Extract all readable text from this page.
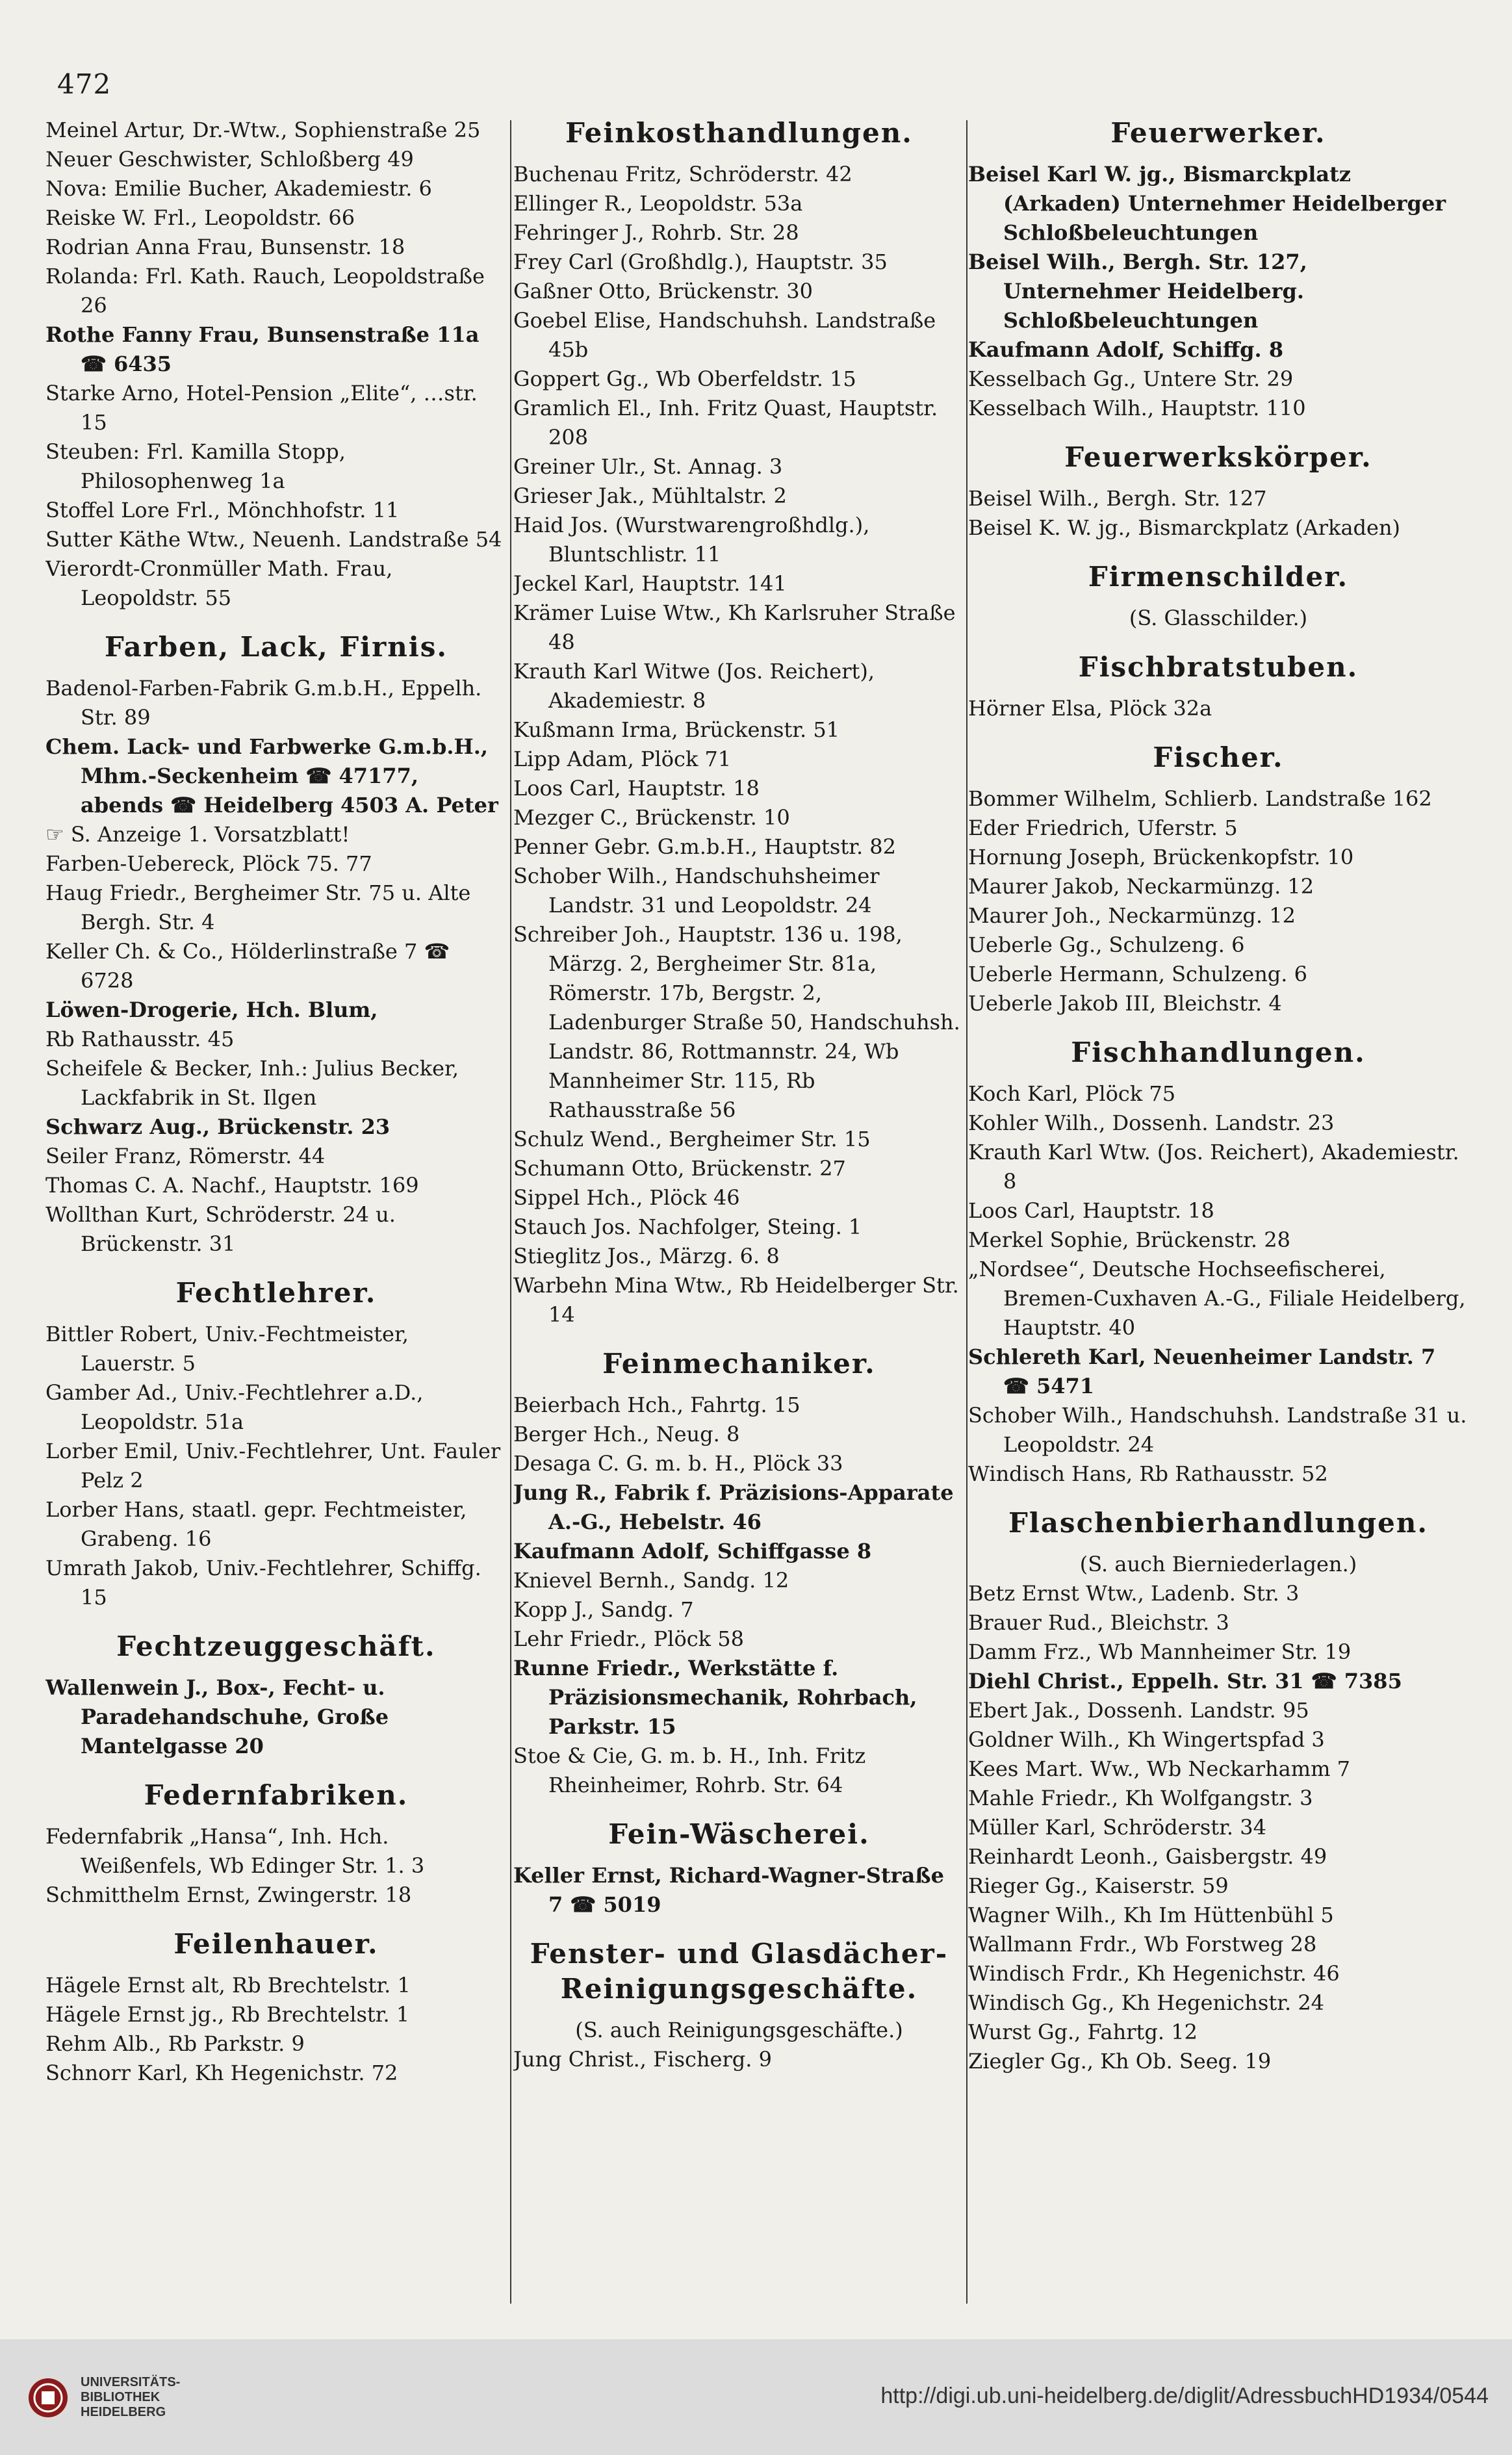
472

Meinel Artur, Dr.-Wtw., Sophienstraße 25

Neuer Geschwister, Schloßberg 49

Nova: Emilie Bucher, Akademiestr. 6

Reiske W. Frl., Leopoldstr. 66

Rodrian Anna Frau, Bunsenstr. 18

Rolanda: Frl. Kath. Rauch, Leopoldstraße 26

Rothe Fanny Frau, Bunsenstraße 11a ☎ 6435

Starke Arno, Hotel-Pension „Elite“, …str. 15

Steuben: Frl. Kamilla Stopp, Philosophenweg 1a

Stoffel Lore Frl., Mönchhofstr. 11

Sutter Käthe Wtw., Neuenh. Landstraße 54

Vierordt-Cronmüller Math. Frau, Leopoldstr. 55

Farben, Lack, Firnis.

Badenol-Farben-Fabrik G.m.b.H., Eppelh. Str. 89

Chem. Lack- und Farbwerke G.m.b.H., Mhm.-Seckenheim ☎ 47177, abends ☎ Heidelberg 4503 A. Peter

☞ S. Anzeige 1. Vorsatzblatt!

Farben-Uebereck, Plöck 75. 77

Haug Friedr., Bergheimer Str. 75 u. Alte Bergh. Str. 4

Keller Ch. & Co., Hölderlinstraße 7 ☎ 6728

Löwen-Drogerie, Hch. Blum,

Rb Rathausstr. 45

Scheifele & Becker, Inh.: Julius Becker, Lackfabrik in St. Ilgen

Schwarz Aug., Brückenstr. 23

Seiler Franz, Römerstr. 44

Thomas C. A. Nachf., Hauptstr. 169

Wollthan Kurt, Schröderstr. 24 u. Brückenstr. 31

Fechtlehrer.

Bittler Robert, Univ.-Fechtmeister, Lauerstr. 5

Gamber Ad., Univ.-Fechtlehrer a.D., Leopoldstr. 51a

Lorber Emil, Univ.-Fechtlehrer, Unt. Fauler Pelz 2

Lorber Hans, staatl. gepr. Fechtmeister, Grabeng. 16

Umrath Jakob, Univ.-Fechtlehrer, Schiffg. 15

Fechtzeuggeschäft.

Wallenwein J., Box-, Fecht- u. Paradehandschuhe, Große Mantelgasse 20

Federnfabriken.

Federnfabrik „Hansa“, Inh. Hch. Weißenfels, Wb Edinger Str. 1. 3

Schmitthelm Ernst, Zwingerstr. 18

Feilenhauer.

Hägele Ernst alt, Rb Brechtelstr. 1

Hägele Ernst jg., Rb Brechtelstr. 1

Rehm Alb., Rb Parkstr. 9

Schnorr Karl, Kh Hegenichstr. 72

Feinkosthandlungen.

Buchenau Fritz, Schröderstr. 42

Ellinger R., Leopoldstr. 53a

Fehringer J., Rohrb. Str. 28

Frey Carl (Großhdlg.), Hauptstr. 35

Gaßner Otto, Brückenstr. 30

Goebel Elise, Handschuhsh. Landstraße 45b

Goppert Gg., Wb Oberfeldstr. 15

Gramlich El., Inh. Fritz Quast, Hauptstr. 208

Greiner Ulr., St. Annag. 3

Grieser Jak., Mühltalstr. 2

Haid Jos. (Wurstwarengroßhdlg.), Bluntschlistr. 11

Jeckel Karl, Hauptstr. 141

Krämer Luise Wtw., Kh Karlsruher Straße 48

Krauth Karl Witwe (Jos. Reichert), Akademiestr. 8

Kußmann Irma, Brückenstr. 51

Lipp Adam, Plöck 71

Loos Carl, Hauptstr. 18

Mezger C., Brückenstr. 10

Penner Gebr. G.m.b.H., Hauptstr. 82

Schober Wilh., Handschuhsheimer Landstr. 31 und Leopoldstr. 24

Schreiber Joh., Hauptstr. 136 u. 198, Märzg. 2, Bergheimer Str. 81a, Römerstr. 17b, Bergstr. 2, Ladenburger Straße 50, Handschuhsh. Landstr. 86, Rottmannstr. 24, Wb Mannheimer Str. 115, Rb Rathausstraße 56

Schulz Wend., Bergheimer Str. 15

Schumann Otto, Brückenstr. 27

Sippel Hch., Plöck 46

Stauch Jos. Nachfolger, Steing. 1

Stieglitz Jos., Märzg. 6. 8

Warbehn Mina Wtw., Rb Heidelberger Str. 14

Feinmechaniker.

Beierbach Hch., Fahrtg. 15

Berger Hch., Neug. 8

Desaga C. G. m. b. H., Plöck 33

Jung R., Fabrik f. Präzisions-Apparate A.-G., Hebelstr. 46

Kaufmann Adolf, Schiffgasse 8

Knievel Bernh., Sandg. 12

Kopp J., Sandg. 7

Lehr Friedr., Plöck 58

Runne Friedr., Werkstätte f. Präzisionsmechanik, Rohrbach, Parkstr. 15

Stoe & Cie, G. m. b. H., Inh. Fritz Rheinheimer, Rohrb. Str. 64

Fein-Wäscherei.

Keller Ernst, Richard-Wagner-Straße 7 ☎ 5019

Fenster- und Glasdächer-Reinigungsgeschäfte.
(S. auch Reinigungsgeschäfte.)

Jung Christ., Fischerg. 9

Feuerwerker.

Beisel Karl W. jg., Bismarckplatz (Arkaden) Unternehmer Heidelberger Schloßbeleuchtungen

Beisel Wilh., Bergh. Str. 127, Unternehmer Heidelberg. Schloßbeleuchtungen

Kaufmann Adolf, Schiffg. 8

Kesselbach Gg., Untere Str. 29

Kesselbach Wilh., Hauptstr. 110

Feuerwerkskörper.

Beisel Wilh., Bergh. Str. 127

Beisel K. W. jg., Bismarckplatz (Arkaden)

Firmenschilder.
(S. Glasschilder.)
Fischbratstuben.

Hörner Elsa, Plöck 32a

Fischer.

Bommer Wilhelm, Schlierb. Landstraße 162

Eder Friedrich, Uferstr. 5

Hornung Joseph, Brückenkopfstr. 10

Maurer Jakob, Neckarmünzg. 12

Maurer Joh., Neckarmünzg. 12

Ueberle Gg., Schulzeng. 6

Ueberle Hermann, Schulzeng. 6

Ueberle Jakob III, Bleichstr. 4

Fischhandlungen.

Koch Karl, Plöck 75

Kohler Wilh., Dossenh. Landstr. 23

Krauth Karl Wtw. (Jos. Reichert), Akademiestr. 8

Loos Carl, Hauptstr. 18

Merkel Sophie, Brückenstr. 28

„Nordsee“, Deutsche Hochseefischerei, Bremen-Cuxhaven A.-G., Filiale Heidelberg, Hauptstr. 40

Schlereth Karl, Neuenheimer Landstr. 7 ☎ 5471

Schober Wilh., Handschuhsh. Landstraße 31 u. Leopoldstr. 24

Windisch Hans, Rb Rathausstr. 52

Flaschenbierhandlungen.
(S. auch Bierniederlagen.)

Betz Ernst Wtw., Ladenb. Str. 3

Brauer Rud., Bleichstr. 3

Damm Frz., Wb Mannheimer Str. 19

Diehl Christ., Eppelh. Str. 31 ☎ 7385

Ebert Jak., Dossenh. Landstr. 95

Goldner Wilh., Kh Wingertspfad 3

Kees Mart. Ww., Wb Neckarhamm 7

Mahle Friedr., Kh Wolfgangstr. 3

Müller Karl, Schröderstr. 34

Reinhardt Leonh., Gaisbergstr. 49

Rieger Gg., Kaiserstr. 59

Wagner Wilh., Kh Im Hüttenbühl 5

Wallmann Frdr., Wb Forstweg 28

Windisch Frdr., Kh Hegenichstr. 46

Windisch Gg., Kh Hegenichstr. 24

Wurst Gg., Fahrtg. 12

Ziegler Gg., Kh Ob. Seeg. 19

UNIVERSITÄTS-
BIBLIOTHEK
HEIDELBERG
http://digi.ub.uni-heidelberg.de/diglit/AdressbuchHD1934/0544
